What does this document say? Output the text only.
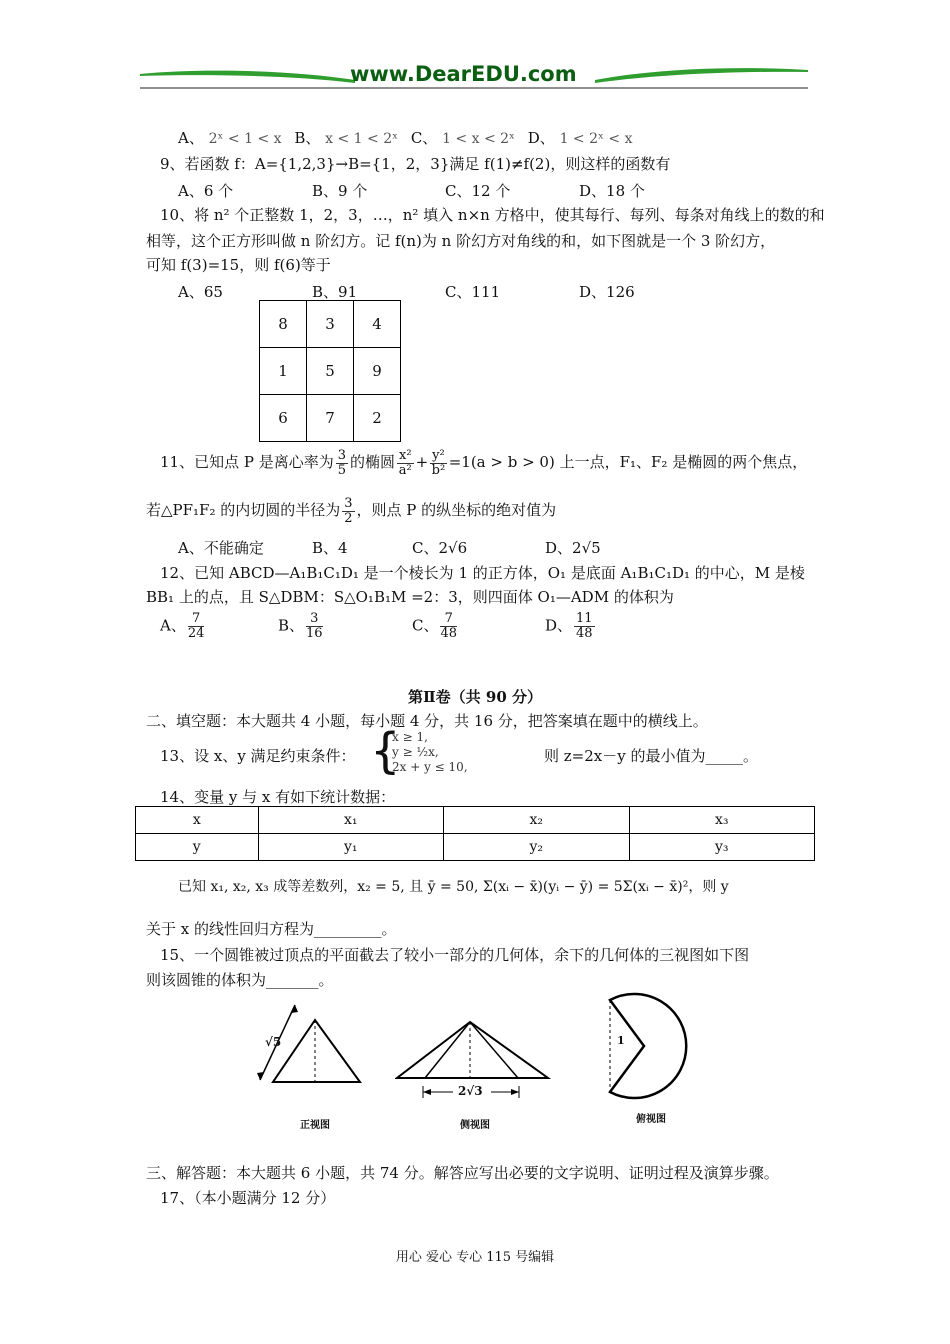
www.DearEDU.com
A、 2ˣ < 1 < x B、 x < 1 < 2ˣ C、 1 < x < 2ˣ D、 1 < 2ˣ < x
9、若函数 f：A={1,2,3}→B={1，2，3}满足 f(1)≠f(2)，则这样的函数有
A、6 个	B、9 个	C、12 个	D、18 个
10、将 n² 个正整数 1，2，3，…，n² 填入 n×n 方格中，使其每行、每列、每条对角线上的数的和
相等，这个正方形叫做 n 阶幻方。记 f(n)为 n 阶幻方对角线的和，如下图就是一个 3 阶幻方，
可知 f(3)=15，则 f(6)等于
A、65	B、91	C、111	D、126
8	3	4
1	5	9
6	7	2
11、已知点 P 是离心率为 $\frac{3}{5}$ 的椭圆 $\frac{\text{x²}}{\text{a²}} + \frac{\text{y²}}{\text{b²}} =1(a > b > 0)$ 上一点，F₁、F₂ 是椭圆的两个焦点，
若△PF₁F₂ 的内切圆的半径为 $\frac{3}{2}$ ，则点 P 的纵坐标的绝对值为
A、不能确定	B、4	C、2√6	D、2√5
12、已知 ABCD—A₁B₁C₁D₁ 是一个棱长为 1 的正方体，O₁ 是底面 A₁B₁C₁D₁ 的中心，M 是棱
BB₁ 上的点，且 S△DBM：S△O₁B₁M =2：3，则四面体 O₁—ADM 的体积为
A、 $\frac{7}{24}$	B、 $\frac{3}{16}$	C、 $\frac{7}{48}$	D、 $\frac{11}{48}$
第Ⅱ卷（共 90 分）
二、填空题：本大题共 4 小题，每小题 4 分，共 16 分，把答案填在题中的横线上。
13、设 x、y 满足约束条件： {
x ≥ 1,
y ≥ ½x,
2x + y ≤ 10,
则 z=2x－y 的最小值为_____。
14、变量 y 与 x 有如下统计数据：
x	x₁	x₂	x₃
y	y₁	y₂	y₃
已知 x₁, x₂, x₃ 成等差数列，x₂ = 5, 且 ȳ = 50, Σ(xᵢ − x̄)(yᵢ − ȳ) = 5Σ(xᵢ − x̄)²，则 y
关于 x 的线性回归方程为_________。
15、一个圆锥被过顶点的平面截去了较小一部分的几何体，余下的几何体的三视图如下图
则该圆锥的体积为_______。
√5
正视图
2√3
侧视图
1
俯视图
三、解答题：本大题共 6 小题，共 74 分。解答应写出必要的文字说明、证明过程及演算步骤。
17、（本小题满分 12 分）
用心 爱心 专心 115 号编辑
